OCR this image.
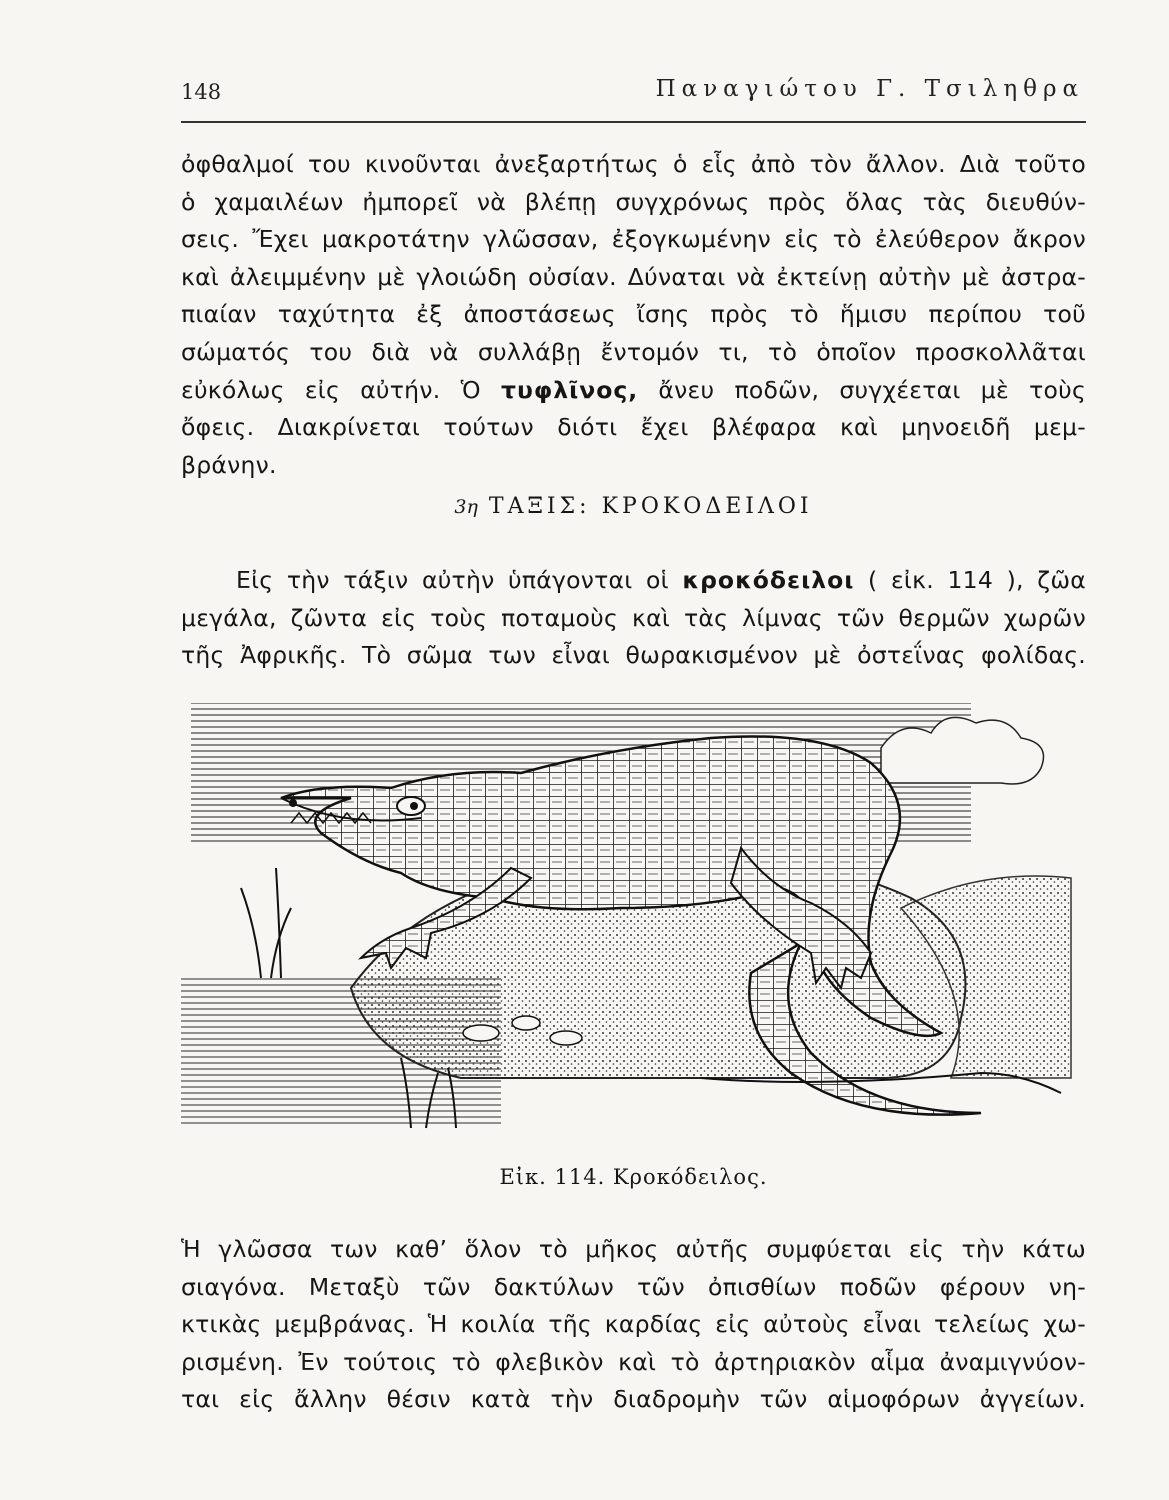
148	Παναγιώτου Γ. Τσιληθρα
ὀφθαλμοί του κινοῦνται ἀνεξαρτήτως ὁ εἷς ἀπὸ τὸν ἄλλον. Διὰ τοῦτο
ὁ χαμαιλέων ἠμπορεῖ νὰ βλέπῃ συγχρόνως πρὸς ὅλας τὰς διευθύν-
σεις. Ἔχει μακροτάτην γλῶσσαν, ἐξογκωμένην εἰς τὸ ἐλεύθερον ἄκρον
καὶ ἀλειμμένην μὲ γλοιώδη οὐσίαν. Δύναται νὰ ἐκτείνῃ αὐτὴν μὲ ἀστρα-
πιαίαν ταχύτητα ἐξ ἀποστάσεως ἴσης πρὸς τὸ ἥμισυ περίπου τοῦ
σώματός του διὰ νὰ συλλάβῃ ἔντομόν τι, τὸ ὁποῖον προσκολλᾶται
εὐκόλως εἰς αὐτήν. Ὁ τυφλῖνος, ἄνευ ποδῶν, συγχέεται μὲ τοὺς
ὄφεις. Διακρίνεται τούτων διότι ἔχει βλέφαρα καὶ μηνοειδῆ μεμ-
βράνην.
3η ΤΑΞΙΣ: ΚΡΟΚΟΔΕΙΛΟΙ
Εἰς τὴν τάξιν αὐτὴν ὑπάγονται οἱ κροκόδειλοι ( εἰκ. 114 ), ζῶα
μεγάλα, ζῶντα εἰς τοὺς ποταμοὺς καὶ τὰς λίμνας τῶν θερμῶν χωρῶν
τῆς Ἀφρικῆς. Τὸ σῶμα των εἶναι θωρακισμένον μὲ ὀστεΐνας φολίδας.
Εἰκ. 114. Κροκόδειλος.
Ἡ γλῶσσα των καθ’ ὅλον τὸ μῆκος αὐτῆς συμφύεται εἰς τὴν κάτω
σιαγόνα. Μεταξὺ τῶν δακτύλων τῶν ὀπισθίων ποδῶν φέρουν νη-
κτικὰς μεμβράνας. Ἡ κοιλία τῆς καρδίας εἰς αὐτοὺς εἶναι τελείως χω-
ρισμένη. Ἐν τούτοις τὸ φλεβικὸν καὶ τὸ ἀρτηριακὸν αἷμα ἀναμιγνύον-
ται εἰς ἄλλην θέσιν κατὰ τὴν διαδρομὴν τῶν αἱμοφόρων ἀγγείων.
